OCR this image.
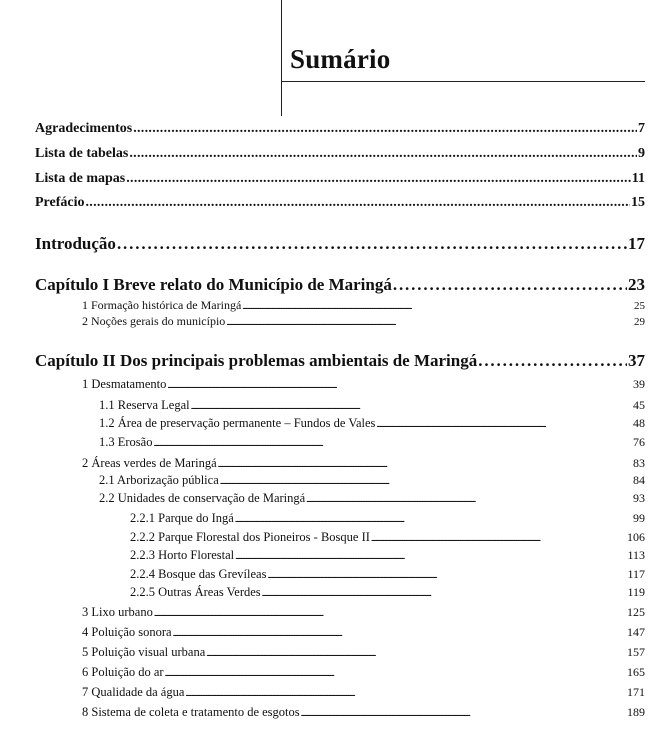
Sumário
Agradecimentos . . .	7
Lista de tabelas . . .	9
Lista de mapas . . .	11
Prefácio . . .	15
Introdução . . .	17
Capítulo I Breve relato do Município de Maringá . . .	23
1 Formação histórica de Maringá . . .	25
2 Noções gerais do município . . .	29
Capítulo II Dos principais problemas ambientais de Maringá . . .	37
1 Desmatamento . . .	39
1.1 Reserva Legal . . .	45
1.2 Área de preservação permanente – Fundos de Vales . . .	48
1.3 Erosão . . .	76
2 Áreas verdes de Maringá . . .	83
2.1 Arborização pública . . .	84
2.2 Unidades de conservação de Maringá . . .	93
2.2.1 Parque do Ingá . . .	99
2.2.2 Parque Florestal dos Pioneiros - Bosque II . . .	106
2.2.3 Horto Florestal . . .	113
2.2.4 Bosque das Grevíleas . . .	117
2.2.5 Outras Áreas Verdes . . .	119
3 Lixo urbano . . .	125
4 Poluição sonora . . .	147
5 Poluição visual urbana . . .	157
6 Poluição do ar . . .	165
7 Qualidade da água . . .	171
8 Sistema de coleta e tratamento de esgotos . . .	189
